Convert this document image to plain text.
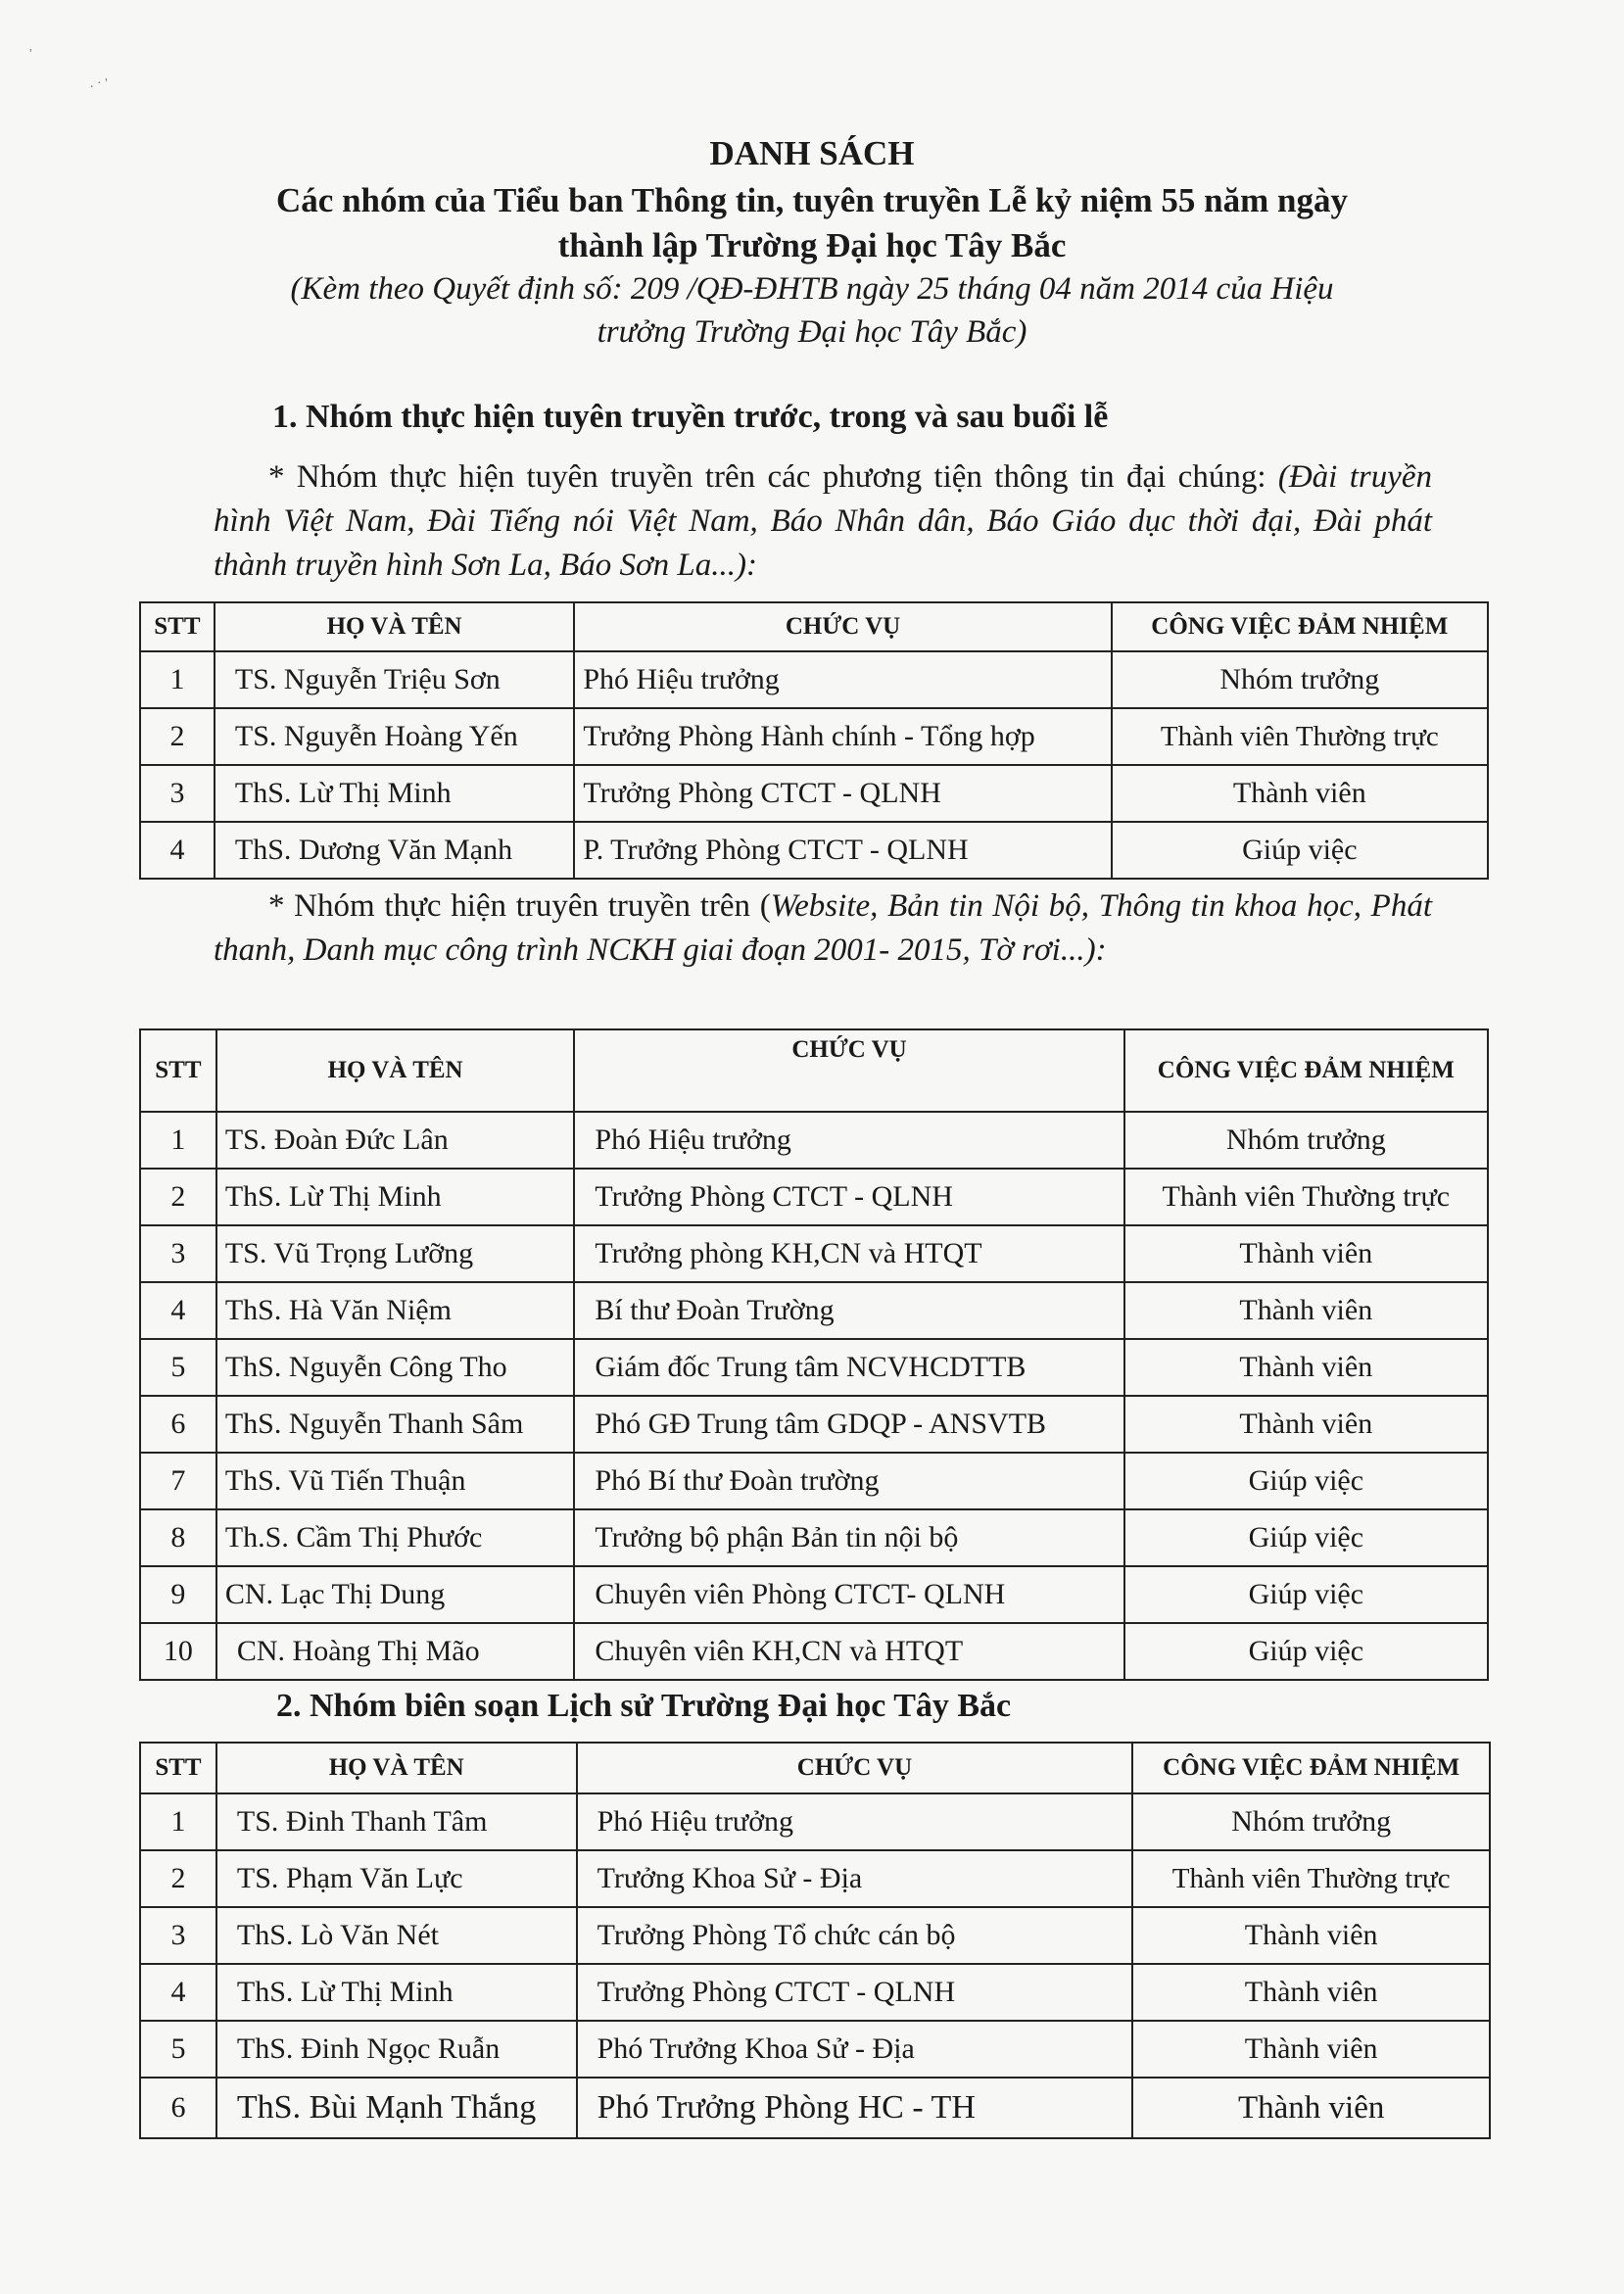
'
. · '
DANH SÁCH
Các nhóm của Tiểu ban Thông tin, tuyên truyền Lễ kỷ niệm 55 năm ngày
thành lập Trường Đại học Tây Bắc
(Kèm theo Quyết định số: 209 /QĐ-ĐHTB ngày 25 tháng 04 năm 2014 của Hiệu
trưởng Trường Đại học Tây Bắc)
1. Nhóm thực hiện tuyên truyền trước, trong và sau buổi lễ
* Nhóm thực hiện tuyên truyền trên các phương tiện thông tin đại chúng: (Đài truyền hình Việt Nam, Đài Tiếng nói Việt Nam, Báo Nhân dân, Báo Giáo dục thời đại, Đài phát thành truyền hình Sơn La, Báo Sơn La...):
STT	HỌ VÀ TÊN	CHỨC VỤ	CÔNG VIỆC ĐẢM NHIỆM
1	TS. Nguyễn Triệu Sơn	Phó Hiệu trưởng	Nhóm trưởng
2	TS. Nguyễn Hoàng Yến	Trưởng Phòng Hành chính - Tổng hợp	Thành viên Thường trực
3	ThS. Lừ Thị Minh	Trưởng Phòng CTCT - QLNH	Thành viên
4	ThS. Dương Văn Mạnh	P. Trưởng Phòng CTCT - QLNH	Giúp việc
* Nhóm thực hiện truyên truyền trên (Website, Bản tin Nội bộ, Thông tin khoa học, Phát thanh, Danh mục công trình NCKH giai đoạn 2001- 2015, Tờ rơi...):
STT	HỌ VÀ TÊN	CHỨC VỤ	CÔNG VIỆC ĐẢM NHIỆM
1	TS. Đoàn Đức Lân	Phó Hiệu trưởng	Nhóm trưởng
2	ThS. Lừ Thị Minh	Trưởng Phòng CTCT - QLNH	Thành viên Thường trực
3	TS. Vũ Trọng Lưỡng	Trưởng phòng KH,CN và HTQT	Thành viên
4	ThS. Hà Văn Niệm	Bí thư Đoàn Trường	Thành viên
5	ThS. Nguyễn Công Tho	Giám đốc Trung tâm NCVHCDTTB	Thành viên
6	ThS. Nguyễn Thanh Sâm	Phó GĐ Trung tâm GDQP - ANSVTB	Thành viên
7	ThS. Vũ Tiến Thuận	Phó Bí thư Đoàn trường	Giúp việc
8	Th.S. Cầm Thị Phước	Trưởng bộ phận Bản tin nội bộ	Giúp việc
9	CN. Lạc Thị Dung	Chuyên viên Phòng CTCT- QLNH	Giúp việc
10	CN. Hoàng Thị Mão	Chuyên viên KH,CN và HTQT	Giúp việc
2. Nhóm biên soạn Lịch sử Trường Đại học Tây Bắc
STT	HỌ VÀ TÊN	CHỨC VỤ	CÔNG VIỆC ĐẢM NHIỆM
1	TS. Đinh Thanh Tâm	Phó Hiệu trưởng	Nhóm trưởng
2	TS. Phạm Văn Lực	Trưởng Khoa Sử - Địa	Thành viên Thường trực
3	ThS. Lò Văn Nét	Trưởng Phòng Tổ chức cán bộ	Thành viên
4	ThS. Lừ Thị Minh	Trưởng Phòng CTCT - QLNH	Thành viên
5	ThS. Đinh Ngọc Ruẫn	Phó Trưởng Khoa Sử - Địa	Thành viên
6	ThS. Bùi Mạnh Thắng	Phó Trưởng Phòng HC - TH	Thành viên
